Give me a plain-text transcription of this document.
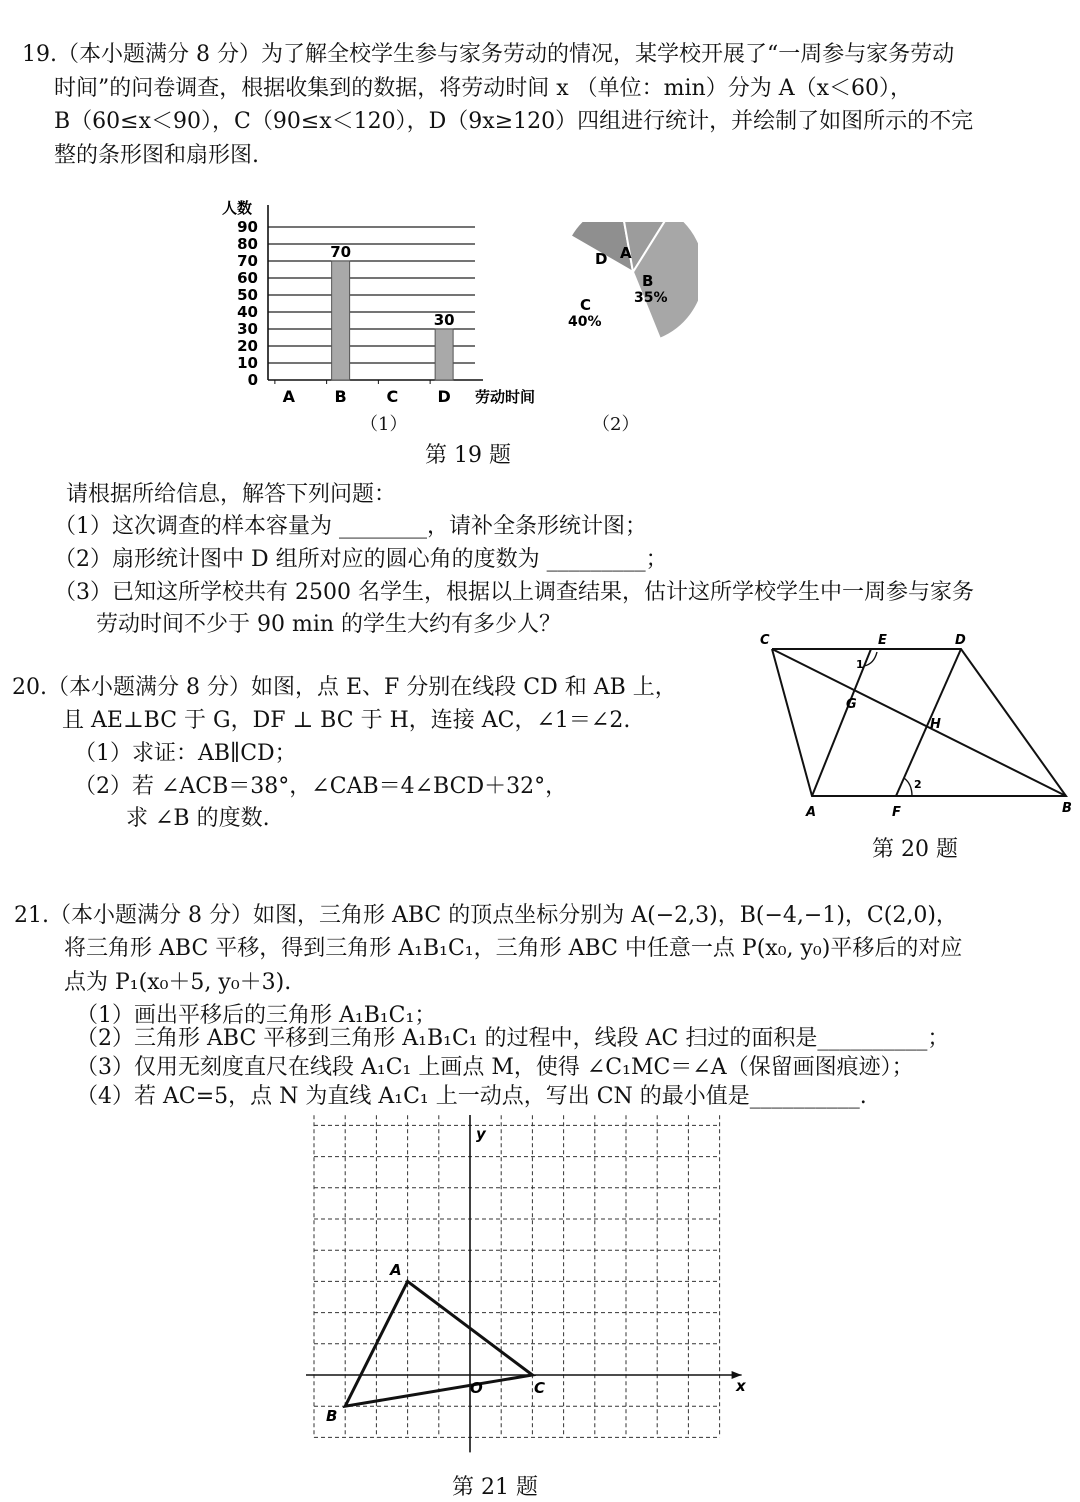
19.（本小题满分 8 分）为了解全校学生参与家务劳动的情况，某学校开展了“一周参与家务劳动
时间”的问卷调查，根据收集到的数据，将劳动时间 x （单位：min）分为 A（x＜60），
B（60≤x＜90），C（90≤x＜120），D（9x≥120）四组进行统计，并绘制了如图所示的不完
整的条形图和扇形图.
0
10
20
30
40
50
60
70
80
90
人数
A B
70
C D
30
劳动时间
D A
B
35%
C
40%
（1）	（2）
第 19 题
请根据所给信息，解答下列问题：
（1）这次调查的样本容量为 ________，请补全条形统计图；
（2）扇形统计图中 D 组所对应的圆心角的度数为 _________；
（3）已知这所学校共有 2500 名学生，根据以上调查结果，估计这所学校学生中一周参与家务
劳动时间不少于 90 min 的学生大约有多少人？
20.（本小题满分 8 分）如图，点 E、F 分别在线段 CD 和 AB 上，
且 AE⊥BC 于 G，DF ⊥ BC 于 H，连接 AC，∠1＝∠2.
（1）求证：AB∥CD；
（2）若 ∠ACB＝38°，∠CAB＝4∠BCD＋32°，
求 ∠B 的度数.
C	E	D
G
H
A	F	B
1
2
第 20 题
21.（本小题满分 8 分）如图，三角形 ABC 的顶点坐标分别为 A(−2,3)，B(−4,−1)，C(2,0)，
将三角形 ABC 平移，得到三角形 A₁B₁C₁，三角形 ABC 中任意一点 P(x₀, y₀)平移后的对应
点为 P₁(x₀＋5, y₀＋3).
（1）画出平移后的三角形 A₁B₁C₁；
（2）三角形 ABC 平移到三角形 A₁B₁C₁ 的过程中，线段 AC 扫过的面积是__________；
（3）仅用无刻度直尺在线段 A₁C₁ 上画点 M，使得 ∠C₁MC＝∠A（保留画图痕迹）；
（4）若 AC=5，点 N 为直线 A₁C₁ 上一动点，写出 CN 的最小值是__________.
x
y
O
A
B
C
第 21 题
